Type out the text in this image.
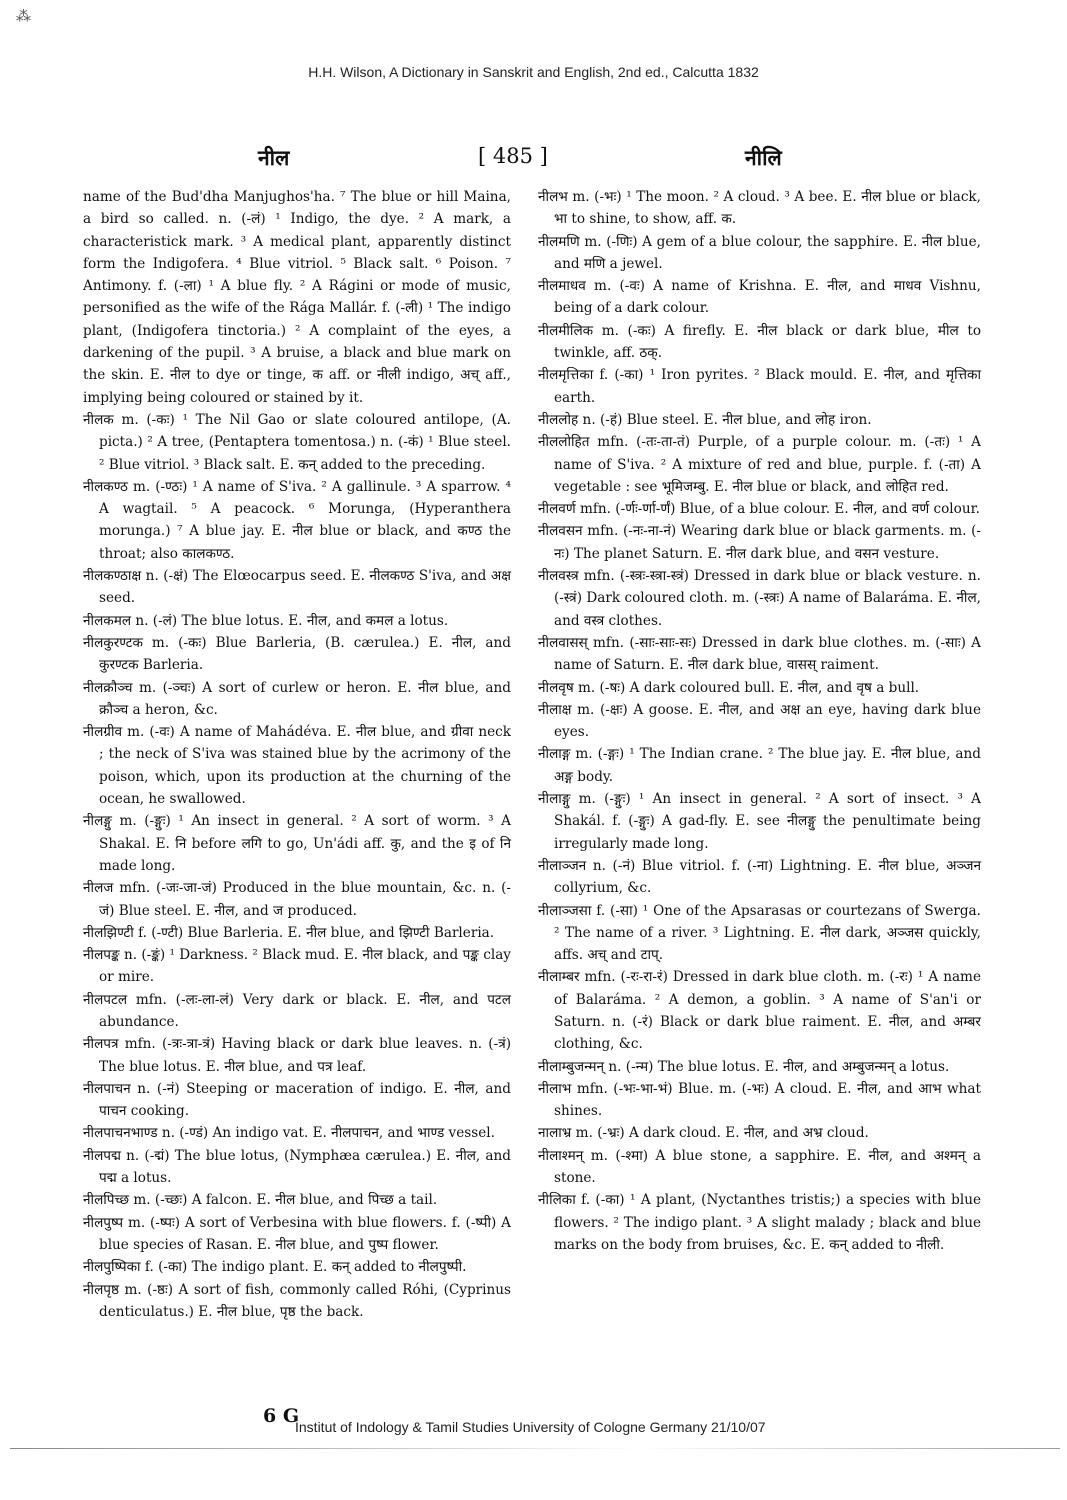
⁂
H.H. Wilson, A Dictionary in Sanskrit and English, 2nd ed., Calcutta 1832
नील	[ 485 ]	नीलि

name of the Bud'dha Manjughos'ha. ⁷ The blue or hill Maina, a bird so called. n. (-लं) ¹ Indigo, the dye. ² A mark, a characteristick mark. ³ A medical plant, apparently distinct form the Indigofera. ⁴ Blue vitriol. ⁵ Black salt. ⁶ Poison. ⁷ Antimony. f. (-ला) ¹ A blue fly. ² A Rágini or mode of music, personified as the wife of the Rága Mallár. f. (-ली) ¹ The indigo plant, (Indigofera tinctoria.) ² A complaint of the eyes, a darkening of the pupil. ³ A bruise, a black and blue mark on the skin. E. नील to dye or tinge, क aff. or नीली indigo, अच् aff., implying being coloured or stained by it.

नीलक m. (-कः) ¹ The Nil Gao or slate coloured antilope, (A. picta.) ² A tree, (Pentaptera tomentosa.) n. (-कं) ¹ Blue steel. ² Blue vitriol. ³ Black salt. E. कन् added to the preceding.

नीलकण्ठ m. (-ण्ठः) ¹ A name of S'iva. ² A gallinule. ³ A sparrow. ⁴ A wagtail. ⁵ A peacock. ⁶ Morunga, (Hyperanthera morunga.) ⁷ A blue jay. E. नील blue or black, and कण्ठ the throat; also कालकण्ठ.

नीलकण्ठाक्ष n. (-क्षं) The Elœocarpus seed. E. नीलकण्ठ S'iva, and अक्ष seed.

नीलकमल n. (-लं) The blue lotus. E. नील, and कमल a lotus.

नीलकुरण्टक m. (-कः) Blue Barleria, (B. cærulea.) E. नील, and कुरण्टक Barleria.

नीलक्रौञ्च m. (-ञ्चः) A sort of curlew or heron. E. नील blue, and क्रौञ्च a heron, &c.

नीलग्रीव m. (-वः) A name of Mahádéva. E. नील blue, and ग्रीवा neck ; the neck of S'iva was stained blue by the acrimony of the poison, which, upon its production at the churning of the ocean, he swallowed.

नीलङ्गु m. (-ङ्गुः) ¹ An insect in general. ² A sort of worm. ³ A Shakal. E. नि before लगि to go, Un'ádi aff. कु, and the इ of नि made long.

नीलज mfn. (-जः-जा-जं) Produced in the blue mountain, &c. n. (-जं) Blue steel. E. नील, and ज produced.

नीलझिण्टी f. (-ण्टी) Blue Barleria. E. नील blue, and झिण्टी Barleria.

नीलपङ्क n. (-ङ्कं) ¹ Darkness. ² Black mud. E. नील black, and पङ्क clay or mire.

नीलपटल mfn. (-लः-ला-लं) Very dark or black. E. नील, and पटल abundance.

नीलपत्र mfn. (-त्रः-त्रा-त्रं) Having black or dark blue leaves. n. (-त्रं) The blue lotus. E. नील blue, and पत्र leaf.

नीलपाचन n. (-नं) Steeping or maceration of indigo. E. नील, and पाचन cooking.

नीलपाचनभाण्ड n. (-ण्डं) An indigo vat. E. नीलपाचन, and भाण्ड vessel.

नीलपद्म n. (-द्मं) The blue lotus, (Nymphæa cærulea.) E. नील, and पद्म a lotus.

नीलपिच्छ m. (-च्छः) A falcon. E. नील blue, and पिच्छ a tail.

नीलपुष्प m. (-ष्पः) A sort of Verbesina with blue flowers. f. (-ष्पी) A blue species of Rasan. E. नील blue, and पुष्प flower.

नीलपुष्पिका f. (-का) The indigo plant. E. कन् added to नीलपुष्पी.

नीलपृष्ठ m. (-ष्ठः) A sort of fish, commonly called Róhi, (Cyprinus denticulatus.) E. नील blue, पृष्ठ the back.

नीलभ m. (-भः) ¹ The moon. ² A cloud. ³ A bee. E. नील blue or black, भा to shine, to show, aff. क.

नीलमणि m. (-णिः) A gem of a blue colour, the sapphire. E. नील blue, and मणि a jewel.

नीलमाधव m. (-वः) A name of Krishna. E. नील, and माधव Vishnu, being of a dark colour.

नीलमीलिक m. (-कः) A firefly. E. नील black or dark blue, मील to twinkle, aff. ठक्.

नीलमृत्तिका f. (-का) ¹ Iron pyrites. ² Black mould. E. नील, and मृत्तिका earth.

नीललोह n. (-हं) Blue steel. E. नील blue, and लोह iron.

नीललोहित mfn. (-तः-ता-तं) Purple, of a purple colour. m. (-तः) ¹ A name of S'iva. ² A mixture of red and blue, purple. f. (-ता) A vegetable : see भूमिजम्बु. E. नील blue or black, and लोहित red.

नीलवर्ण mfn. (-र्णः-र्णा-र्णं) Blue, of a blue colour. E. नील, and वर्ण colour.

नीलवसन mfn. (-नः-ना-नं) Wearing dark blue or black garments. m. (-नः) The planet Saturn. E. नील dark blue, and वसन vesture.

नीलवस्त्र mfn. (-स्त्रः-स्त्रा-स्त्रं) Dressed in dark blue or black vesture. n. (-स्त्रं) Dark coloured cloth. m. (-स्त्रः) A name of Balaráma. E. नील, and वस्त्र clothes.

नीलवासस् mfn. (-साः-साः-सः) Dressed in dark blue clothes. m. (-साः) A name of Saturn. E. नील dark blue, वासस् raiment.

नीलवृष m. (-षः) A dark coloured bull. E. नील, and वृष a bull.

नीलाक्ष m. (-क्षः) A goose. E. नील, and अक्ष an eye, having dark blue eyes.

नीलाङ्ग m. (-ङ्गः) ¹ The Indian crane. ² The blue jay. E. नील blue, and अङ्ग body.

नीलाङ्गु m. (-ङ्गुः) ¹ An insect in general. ² A sort of insect. ³ A Shakál. f. (-ङ्गुः) A gad-fly. E. see नीलङ्गु the penultimate being irregularly made long.

नीलाञ्जन n. (-नं) Blue vitriol. f. (-ना) Lightning. E. नील blue, अञ्जन collyrium, &c.

नीलाञ्जसा f. (-सा) ¹ One of the Apsarasas or courtezans of Swerga. ² The name of a river. ³ Lightning. E. नील dark, अञ्जस quickly, affs. अच् and टाप्.

नीलाम्बर mfn. (-रः-रा-रं) Dressed in dark blue cloth. m. (-रः) ¹ A name of Balaráma. ² A demon, a goblin. ³ A name of S'an'i or Saturn. n. (-रं) Black or dark blue raiment. E. नील, and अम्बर clothing, &c.

नीलाम्बुजन्मन् n. (-न्म) The blue lotus. E. नील, and अम्बुजन्मन् a lotus.

नीलाभ mfn. (-भः-भा-भं) Blue. m. (-भः) A cloud. E. नील, and आभ what shines.

नालाभ्र m. (-भ्रः) A dark cloud. E. नील, and अभ्र cloud.

नीलाश्मन् m. (-श्मा) A blue stone, a sapphire. E. नील, and अश्मन् a stone.

नीलिका f. (-का) ¹ A plant, (Nyctanthes tristis;) a species with blue flowers. ² The indigo plant. ³ A slight malady ; black and blue marks on the body from bruises, &c. E. कन् added to नीली.

6 G
Institut of Indology & Tamil Studies University of Cologne Germany 21/10/07
